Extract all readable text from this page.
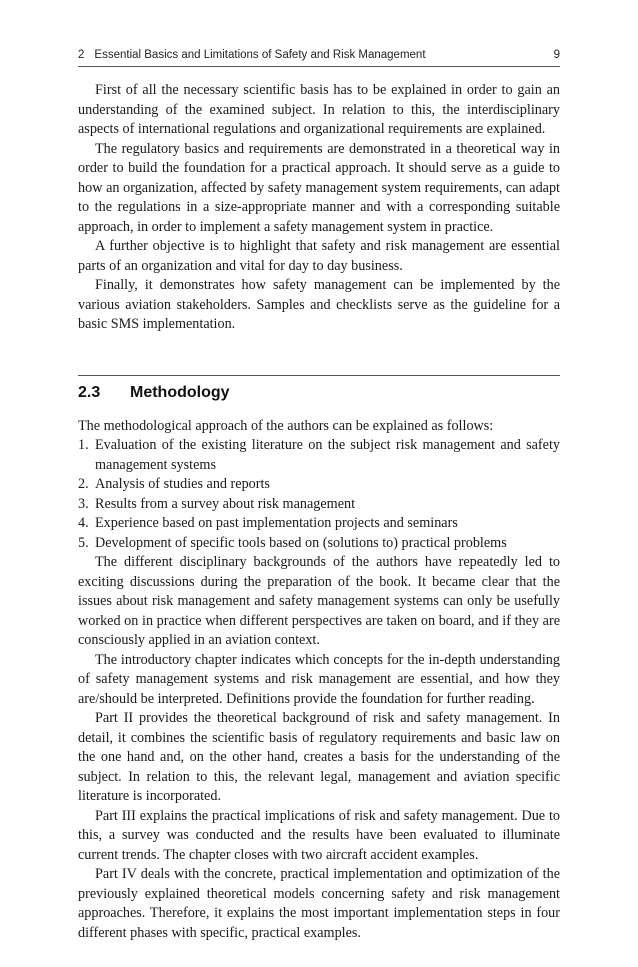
2 Essential Basics and Limitations of Safety and Risk Management	9

First of all the necessary scientific basis has to be explained in order to gain an understanding of the examined subject. In relation to this, the interdisciplinary aspects of international regulations and organizational requirements are explained.

The regulatory basics and requirements are demonstrated in a theoretical way in order to build the foundation for a practical approach. It should serve as a guide to how an organization, affected by safety management system requirements, can adapt to the regulations in a size-appropriate manner and with a corresponding suitable approach, in order to implement a safety management system in practice.

A further objective is to highlight that safety and risk management are essential parts of an organization and vital for day to day business.

Finally, it demonstrates how safety management can be implemented by the various aviation stakeholders. Samples and checklists serve as the guideline for a basic SMS implementation.

2.3	Methodology

The methodological approach of the authors can be explained as follows:

1. Evaluation of the existing literature on the subject risk management and safety management systems
2. Analysis of studies and reports
3. Results from a survey about risk management
4. Experience based on past implementation projects and seminars
5. Development of specific tools based on (solutions to) practical problems

The different disciplinary backgrounds of the authors have repeatedly led to exciting discussions during the preparation of the book. It became clear that the issues about risk management and safety management systems can only be usefully worked on in practice when different perspectives are taken on board, and if they are consciously applied in an aviation context.

The introductory chapter indicates which concepts for the in-depth understanding of safety management systems and risk management are essential, and how they are/should be interpreted. Definitions provide the foundation for further reading.

Part II provides the theoretical background of risk and safety management. In detail, it combines the scientific basis of regulatory requirements and basic law on the one hand and, on the other hand, creates a basis for the understanding of the subject. In relation to this, the relevant legal, management and aviation specific literature is incorporated.

Part III explains the practical implications of risk and safety management. Due to this, a survey was conducted and the results have been evaluated to illuminate current trends. The chapter closes with two aircraft accident examples.

Part IV deals with the concrete, practical implementation and optimization of the previously explained theoretical models concerning safety and risk management approaches. Therefore, it explains the most important implementation steps in four different phases with specific, practical examples.
